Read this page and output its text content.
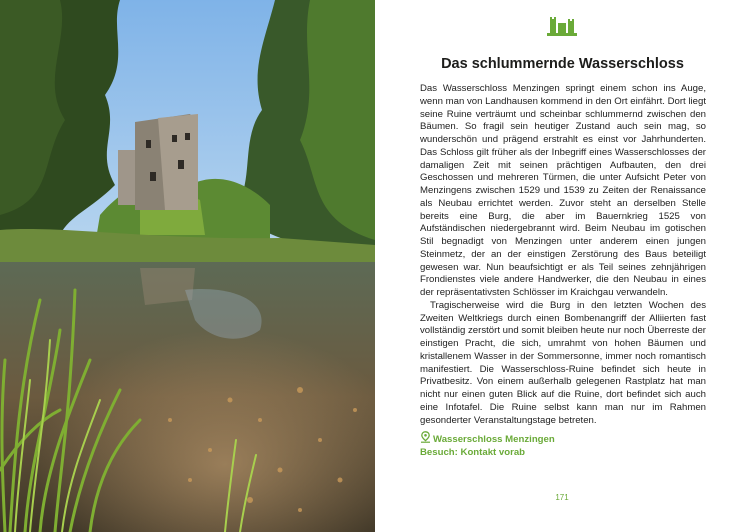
Das schlummernde Wasserschloss

Das Wasserschloss Menzingen springt einem schon ins Auge, wenn man von Landhausen kommend in den Ort einfährt. Dort liegt seine Ruine verträumt und scheinbar schlummernd zwischen den Bäumen. So fragil sein heutiger Zustand auch sein mag, so wunderschön und prägend erstrahlt es einst vor Jahrhunderten. Das Schloss gilt früher als der Inbegriff eines Wasserschlosses der damaligen Zeit mit seinen prächtigen Aufbauten, den drei Geschossen und mehreren Türmen, die unter Aufsicht Peter von Menzingens zwischen 1529 und 1539 zu Zeiten der Renaissance als Neubau errichtet werden. Zuvor steht an derselben Stelle bereits eine Burg, die aber im Bauernkrieg 1525 von Aufständischen niedergebrannt wird. Beim Neubau im gotischen Stil begnadigt von Menzingen unter anderem einen jungen Steinmetz, der an der einstigen Zerstörung des Baus beteiligt gewesen war. Nun beaufsichtigt er als Teil seines zehnjährigen Frondienstes viele andere Handwerker, die den Neubau in eines der repräsentativsten Schlösser im Kraichgau verwandeln.

Tragischerweise wird die Burg in den letzten Wochen des Zweiten Weltkriegs durch einen Bombenangriff der Alliierten fast vollständig zerstört und somit bleiben heute nur noch Überreste der einstigen Pracht, die sich, umrahmt von hohen Bäumen und kristallenem Wasser in der Sommersonne, immer noch romantisch manifestiert. Die Wasserschloss-Ruine befindet sich heute in Privatbesitz. Von einem außerhalb gelegenen Rastplatz hat man nicht nur einen guten Blick auf die Ruine, dort befindet sich auch eine Infotafel. Die Ruine selbst kann man nur im Rahmen gesonderter Veranstaltungstage betreten.

Wasserschloss Menzingen
Besuch: Kontakt vorab
171
